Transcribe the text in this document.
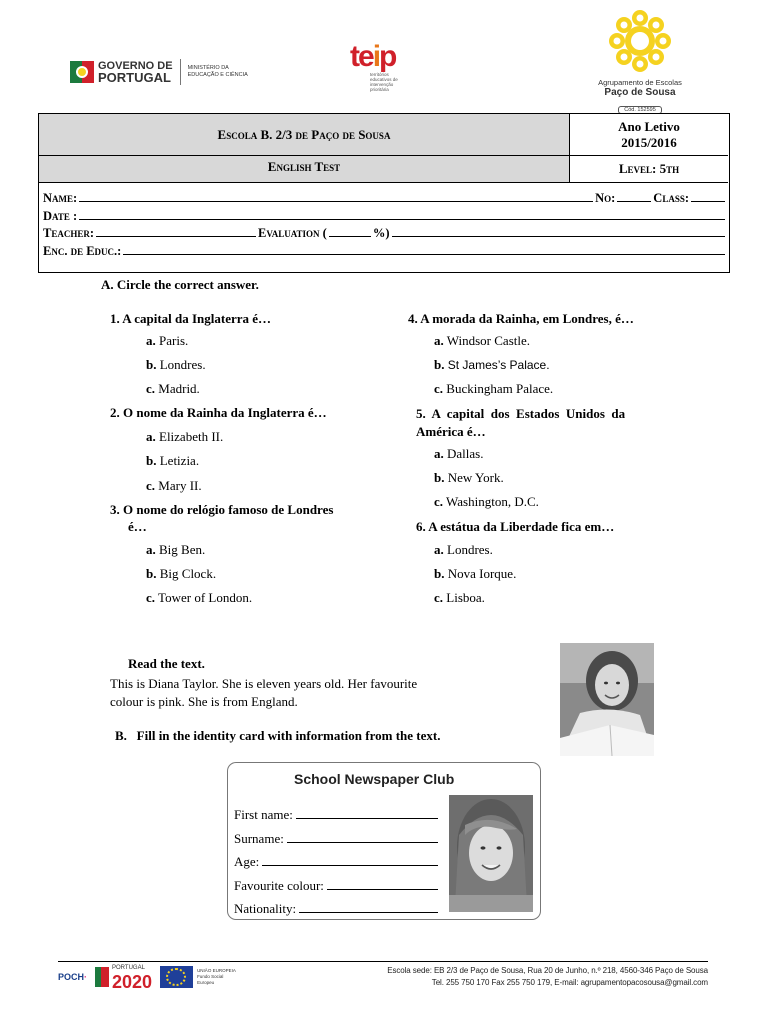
GOVERNO DE
PORTUGAL
MINISTÉRIO DA EDUCAÇÃO E CIÊNCIA
teip
territórios educativos de intervenção prioritária
Agrupamento de Escolas
Paço de Sousa
Cód. 152595
Escola B. 2/3 de Paço de Sousa
Ano Letivo
2015/2016
English Test	Level: 5th
Name:	No:	Class:
Date :
Teacher:	Evaluation (	%)
Enc. de Educ.:
A. Circle the correct answer.
1. A capital da Inglaterra é…
a. Paris.
b. Londres.
c. Madrid.
2. O nome da Rainha da Inglaterra é…
a. Elizabeth II.
b. Letizia.
c. Mary II.
3. O nome do relógio famoso de Londres
é…
a. Big Ben.
b. Big Clock.
c. Tower of London.
4. A morada da Rainha, em Londres, é…
a. Windsor Castle.
b. St James’s Palace.
c. Buckingham Palace.
5.  A  capital  dos  Estados  Unidos  da
América é…
a. Dallas.
b. New York.
c. Washington, D.C.
6. A estátua da Liberdade fica em…
a. Londres.
b. Nova Iorque.
c. Lisboa.
Read the text.
This is Diana Taylor. She is eleven years old. Her favourite
colour is pink. She is from England.
B.   Fill in the identity card with information from the text.
School Newspaper Club
First name:
Surname:
Age:
Favourite colour:
Nationality:
POCH·
PORTUGAL
2020
UNIÃO EUROPEIA Fundo Social Europeu
Escola sede: EB 2/3 de Paço de Sousa, Rua 20 de Junho, n.º 218, 4560-346 Paço de Sousa
Tel. 255 750 170 Fax 255 750 179, E-mail: agrupamentopacosousa@gmail.com
